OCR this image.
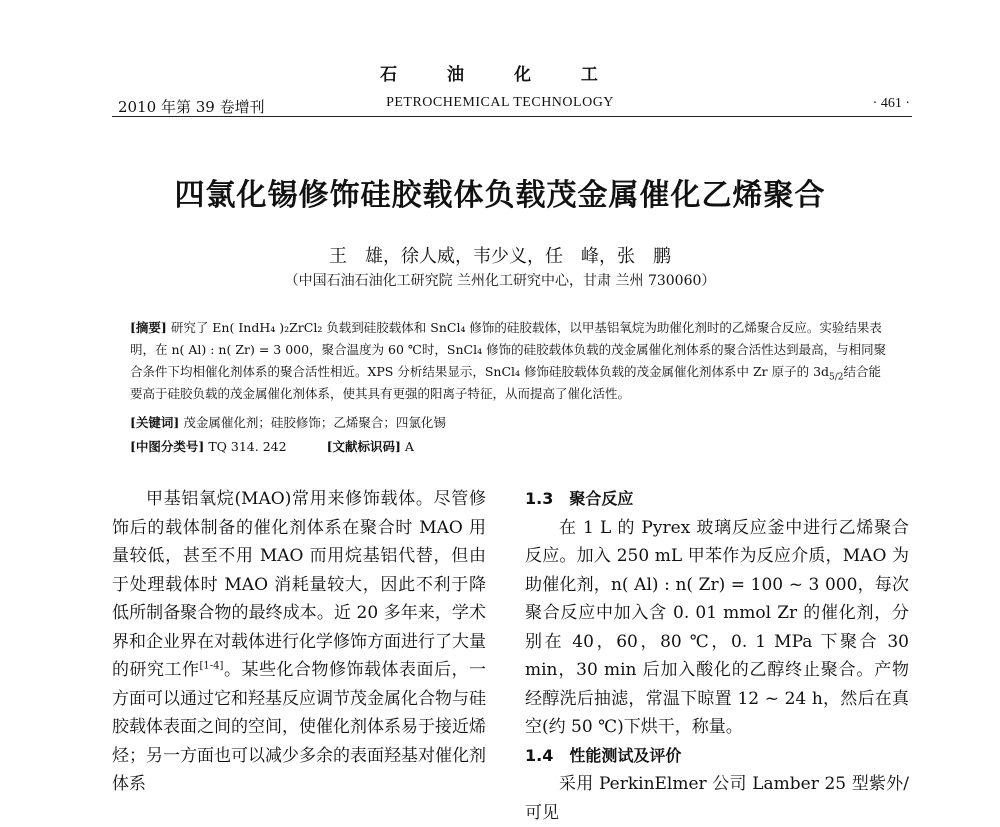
石 油 化 工
2010 年第 39 卷增刊	PETROCHEMICAL TECHNOLOGY	· 461 ·
四氯化锡修饰硅胶载体负载茂金属催化乙烯聚合
王　雄，徐人威，韦少义，任　峰，张　鹏
（中国石油石油化工研究院 兰州化工研究中心，甘肃 兰州 730060）

[摘要] 研究了 En( IndH₄ )₂ZrCl₂ 负载到硅胶载体和 SnCl₄ 修饰的硅胶载体，以甲基铝氧烷为助催化剂时的乙烯聚合反应。实验结果表明，在 n( Al) : n( Zr) = 3 000，聚合温度为 60 ℃时，SnCl₄ 修饰的硅胶载体负载的茂金属催化剂体系的聚合活性达到最高，与相同聚合条件下均相催化剂体系的聚合活性相近。XPS 分析结果显示，SnCl₄ 修饰硅胶载体负载的茂金属催化剂体系中 Zr 原子的 $3d_{5/2}$结合能要高于硅胶负载的茂金属催化剂体系，使其具有更强的阳离子特征，从而提高了催化活性。

[关键词] 茂金属催化剂；硅胶修饰；乙烯聚合；四氯化锡
[中图分类号] TQ 314. 242	[文献标识码] A
甲基铝氧烷(MAO)常用来修饰载体。尽管修饰后的载体制备的催化剂体系在聚合时 MAO 用量较低，甚至不用 MAO 而用烷基铝代替，但由于处理载体时 MAO 消耗量较大，因此不利于降低所制备聚合物的最终成本。近 20 多年来，学术界和企业界在对载体进行化学修饰方面进行了大量的研究工作[1-4]。某些化合物修饰载体表面后，一方面可以通过它和羟基反应调节茂金属化合物与硅胶载体表面之间的空间，使催化剂体系易于接近烯烃；另一方面也可以减少多余的表面羟基对催化剂体系
1.3　聚合反应
在 1 L 的 Pyrex 玻璃反应釜中进行乙烯聚合反应。加入 250 mL 甲苯作为反应介质，MAO 为助催化剂，n( Al) : n( Zr) = 100 ~ 3 000，每次聚合反应中加入含 0. 01 mmol Zr 的催化剂，分别在 40，60，80 ℃，0. 1 MPa 下聚合 30 min，30 min 后加入酸化的乙醇终止聚合。产物经醇洗后抽滤，常温下晾置 12 ~ 24 h，然后在真空(约 50 ℃)下烘干，称量。
1.4　性能测试及评价
采用 PerkinElmer 公司 Lamber 25 型紫外/可见
